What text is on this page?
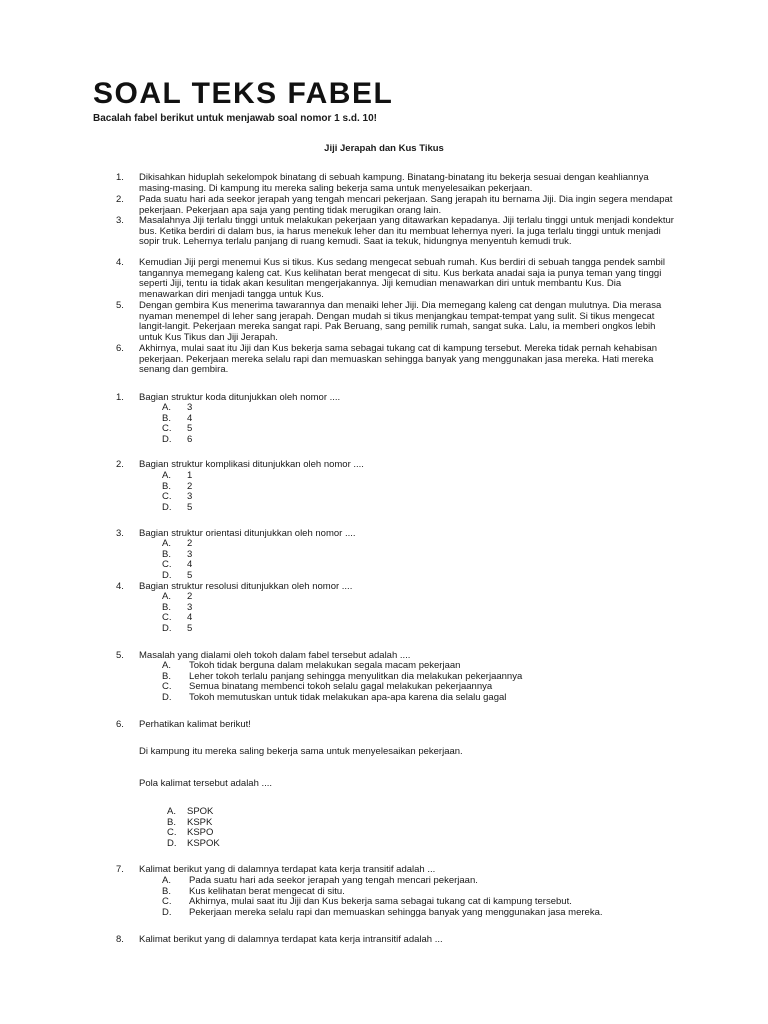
SOAL TEKS FABEL
Bacalah fabel berikut untuk menjawab soal nomor 1 s.d. 10!
Jiji Jerapah dan Kus Tikus
1. Dikisahkan hiduplah sekelompok binatang di sebuah kampung. Binatang-binatang itu bekerja sesuai dengan keahliannya masing-masing. Di kampung itu mereka saling bekerja sama untuk menyelesaikan pekerjaan.
2. Pada suatu hari ada seekor jerapah yang tengah mencari pekerjaan. Sang jerapah itu bernama Jiji. Dia ingin segera mendapat pekerjaan. Pekerjaan apa saja yang penting tidak merugikan orang lain.
3. Masalahnya Jiji terlalu tinggi untuk melakukan pekerjaan yang ditawarkan kepadanya. Jiji terlalu tinggi untuk menjadi kondektur bus. Ketika berdiri di dalam bus, ia harus menekuk leher dan itu membuat lehernya nyeri. Ia juga terlalu tinggi untuk menjadi sopir truk. Lehernya terlalu panjang di ruang kemudi. Saat ia tekuk, hidungnya menyentuh kemudi truk.
4. Kemudian Jiji pergi menemui Kus si tikus. Kus sedang mengecat sebuah rumah. Kus berdiri di sebuah tangga pendek sambil tangannya memegang kaleng cat. Kus kelihatan berat mengecat di situ. Kus berkata anadai saja ia punya teman yang tinggi seperti Jiji, tentu ia tidak akan kesulitan mengerjakannya. Jiji kemudian menawarkan diri untuk membantu Kus. Dia menawarkan diri menjadi tangga untuk Kus.
5. Dengan gembira Kus menerima tawarannya dan menaiki leher Jiji. Dia memegang kaleng cat dengan mulutnya. Dia merasa nyaman menempel di leher sang jerapah. Dengan mudah si tikus menjangkau tempat-tempat yang sulit. Si tikus mengecat langit-langit. Pekerjaan mereka sangat rapi. Pak Beruang, sang pemilik rumah, sangat suka. Lalu, ia memberi ongkos lebih untuk Kus Tikus dan Jiji Jerapah.
6. Akhirnya, mulai saat itu Jiji dan Kus bekerja sama sebagai tukang cat di kampung tersebut. Mereka tidak pernah kehabisan pekerjaan. Pekerjaan mereka selalu rapi dan memuaskan sehingga banyak yang menggunakan jasa mereka. Hati mereka senang dan gembira.
1. Bagian struktur koda ditunjukkan oleh nomor ....
A. 3
B. 4
C. 5
D. 6
2. Bagian struktur komplikasi ditunjukkan oleh nomor ....
A. 1
B. 2
C. 3
D. 5
3. Bagian struktur orientasi ditunjukkan oleh nomor ....
A. 2
B. 3
C. 4
D. 5
4. Bagian struktur resolusi ditunjukkan oleh nomor ....
A. 2
B. 3
C. 4
D. 5
5. Masalah yang dialami oleh tokoh dalam fabel tersebut adalah ....
A. Tokoh tidak berguna dalam melakukan segala macam pekerjaan
B. Leher tokoh terlalu panjang sehingga menyulitkan dia melakukan pekerjaannya
C. Semua binatang membenci tokoh selalu gagal melakukan pekerjaannya
D. Tokoh memutuskan untuk tidak melakukan apa-apa karena dia selalu gagal
6. Perhatikan kalimat berikut!
Di kampung itu mereka saling bekerja sama untuk menyelesaikan pekerjaan.
Pola kalimat tersebut adalah ....
A. SPOK
B. KSPK
C. KSPO
D. KSPOK
7. Kalimat berikut yang di dalamnya terdapat kata kerja transitif adalah ...
A. Pada suatu hari ada seekor jerapah yang tengah mencari pekerjaan.
B. Kus kelihatan berat mengecat di situ.
C. Akhirnya, mulai saat itu Jiji dan Kus bekerja sama sebagai tukang cat di kampung tersebut.
D. Pekerjaan mereka selalu rapi dan memuaskan sehingga banyak yang menggunakan jasa mereka.
8. Kalimat berikut yang di dalamnya terdapat kata kerja intransitif adalah ...
